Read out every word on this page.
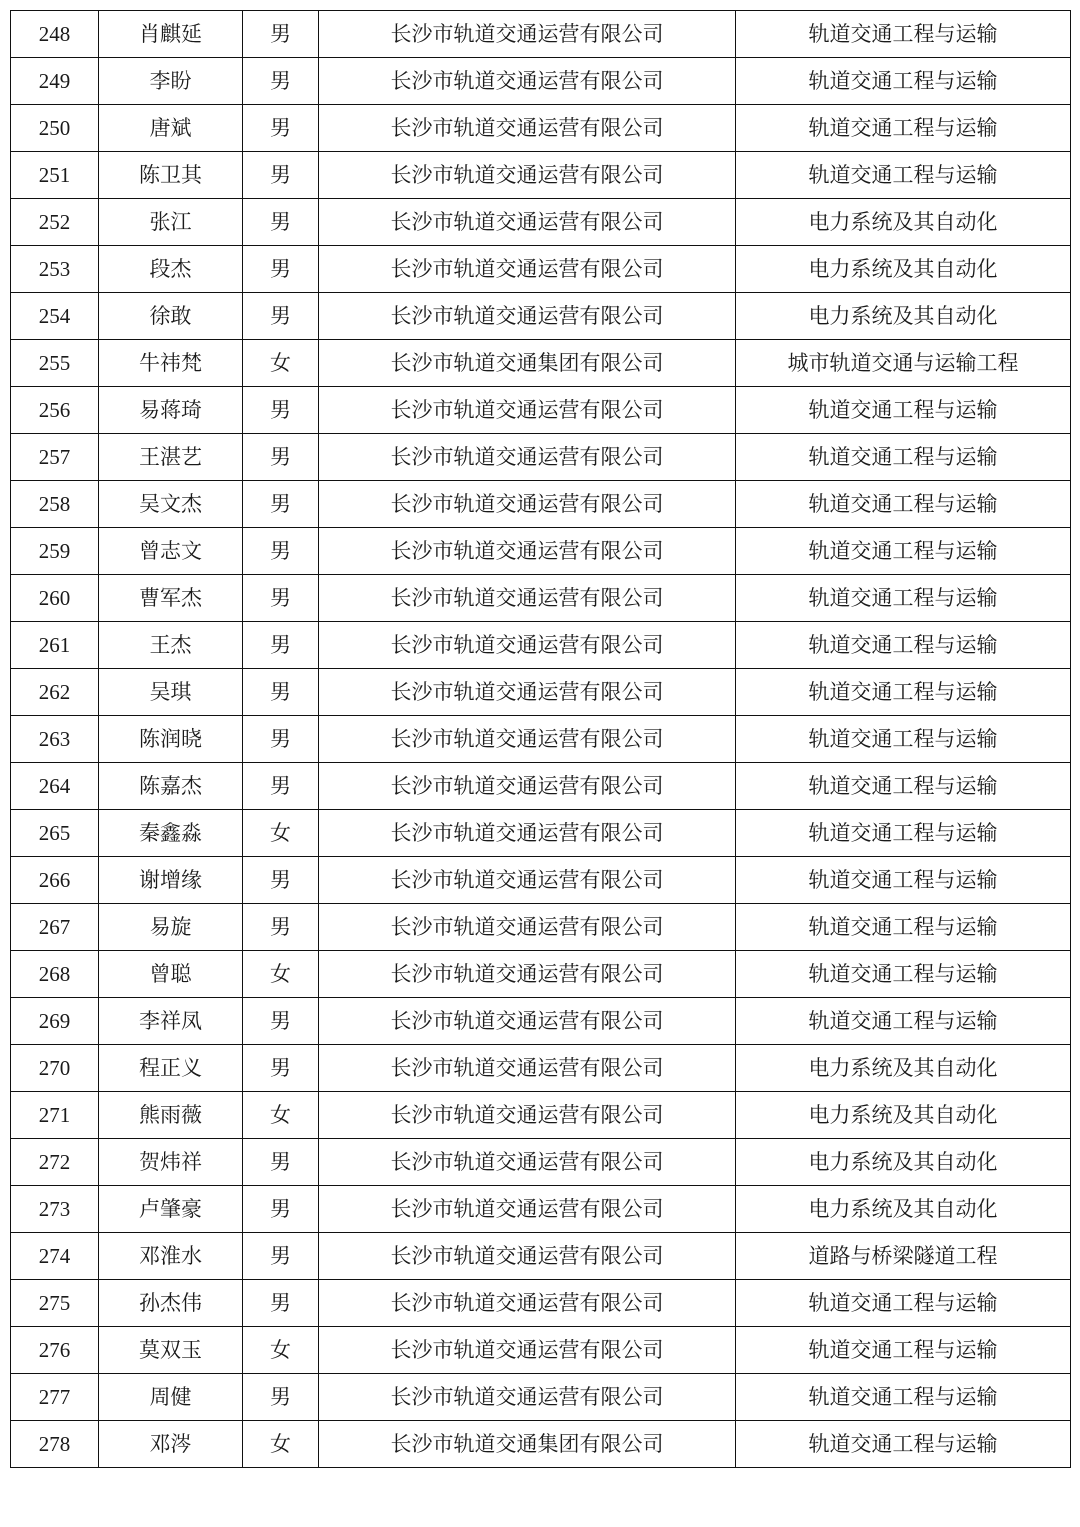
248	肖麒延	男	长沙市轨道交通运营有限公司	轨道交通工程与运输
249	李盼	男	长沙市轨道交通运营有限公司	轨道交通工程与运输
250	唐斌	男	长沙市轨道交通运营有限公司	轨道交通工程与运输
251	陈卫其	男	长沙市轨道交通运营有限公司	轨道交通工程与运输
252	张江	男	长沙市轨道交通运营有限公司	电力系统及其自动化
253	段杰	男	长沙市轨道交通运营有限公司	电力系统及其自动化
254	徐敢	男	长沙市轨道交通运营有限公司	电力系统及其自动化
255	牛祎梵	女	长沙市轨道交通集团有限公司	城市轨道交通与运输工程
256	易蒋琦	男	长沙市轨道交通运营有限公司	轨道交通工程与运输
257	王湛艺	男	长沙市轨道交通运营有限公司	轨道交通工程与运输
258	吴文杰	男	长沙市轨道交通运营有限公司	轨道交通工程与运输
259	曾志文	男	长沙市轨道交通运营有限公司	轨道交通工程与运输
260	曹军杰	男	长沙市轨道交通运营有限公司	轨道交通工程与运输
261	王杰	男	长沙市轨道交通运营有限公司	轨道交通工程与运输
262	吴琪	男	长沙市轨道交通运营有限公司	轨道交通工程与运输
263	陈润晓	男	长沙市轨道交通运营有限公司	轨道交通工程与运输
264	陈嘉杰	男	长沙市轨道交通运营有限公司	轨道交通工程与运输
265	秦鑫淼	女	长沙市轨道交通运营有限公司	轨道交通工程与运输
266	谢增缘	男	长沙市轨道交通运营有限公司	轨道交通工程与运输
267	易旋	男	长沙市轨道交通运营有限公司	轨道交通工程与运输
268	曾聪	女	长沙市轨道交通运营有限公司	轨道交通工程与运输
269	李祥凤	男	长沙市轨道交通运营有限公司	轨道交通工程与运输
270	程正义	男	长沙市轨道交通运营有限公司	电力系统及其自动化
271	熊雨薇	女	长沙市轨道交通运营有限公司	电力系统及其自动化
272	贺炜祥	男	长沙市轨道交通运营有限公司	电力系统及其自动化
273	卢肇豪	男	长沙市轨道交通运营有限公司	电力系统及其自动化
274	邓淮水	男	长沙市轨道交通运营有限公司	道路与桥梁隧道工程
275	孙杰伟	男	长沙市轨道交通运营有限公司	轨道交通工程与运输
276	莫双玉	女	长沙市轨道交通运营有限公司	轨道交通工程与运输
277	周健	男	长沙市轨道交通运营有限公司	轨道交通工程与运输
278	邓涔	女	长沙市轨道交通集团有限公司	轨道交通工程与运输
